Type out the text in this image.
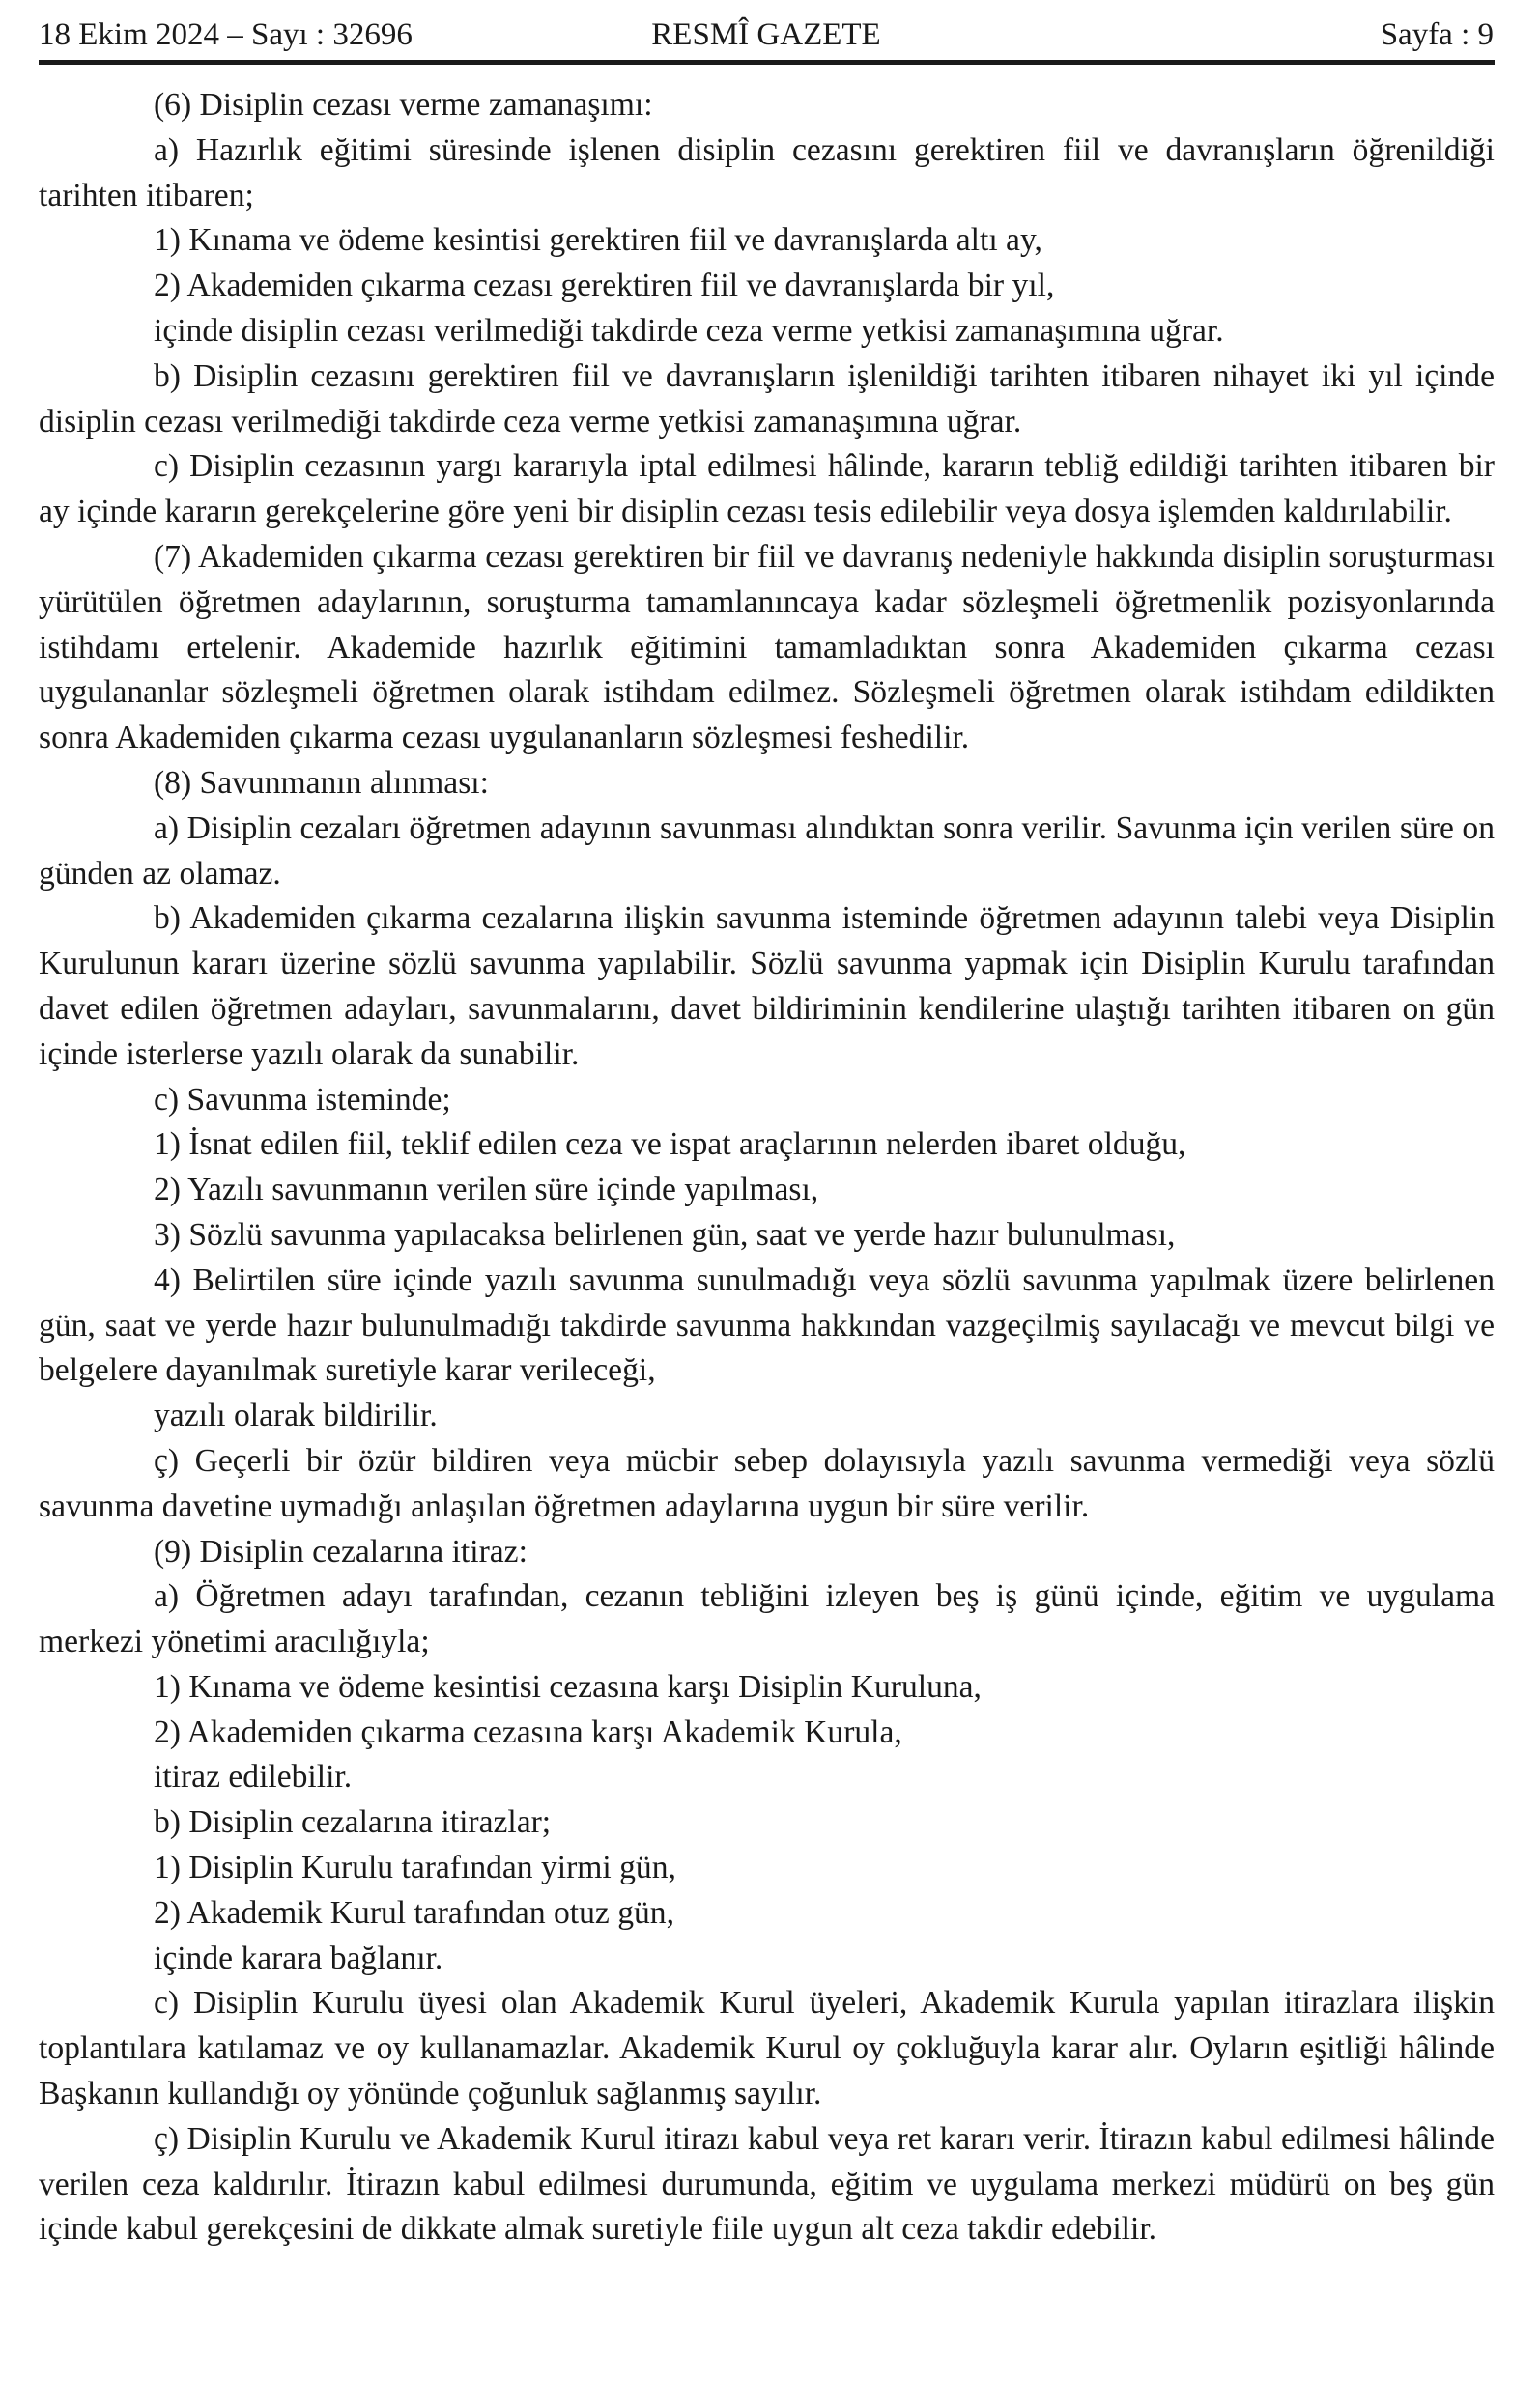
18 Ekim 2024 – Sayı : 32696	RESMÎ GAZETE	Sayfa : 9

(6) Disiplin cezası verme zamanaşımı:

a) Hazırlık eğitimi süresinde işlenen disiplin cezasını gerektiren fiil ve davranışların öğrenildiği tarihten itibaren;

1) Kınama ve ödeme kesintisi gerektiren fiil ve davranışlarda altı ay,

2) Akademiden çıkarma cezası gerektiren fiil ve davranışlarda bir yıl,

içinde disiplin cezası verilmediği takdirde ceza verme yetkisi zamanaşımına uğrar.

b) Disiplin cezasını gerektiren fiil ve davranışların işlenildiği tarihten itibaren nihayet iki yıl içinde disiplin cezası verilmediği takdirde ceza verme yetkisi zamanaşımına uğrar.

c) Disiplin cezasının yargı kararıyla iptal edilmesi hâlinde, kararın tebliğ edildiği tarihten itibaren bir ay içinde kararın gerekçelerine göre yeni bir disiplin cezası tesis edilebilir veya dosya işlemden kaldırılabilir.

(7) Akademiden çıkarma cezası gerektiren bir fiil ve davranış nedeniyle hakkında disiplin soruşturması yürütülen öğretmen adaylarının, soruşturma tamamlanıncaya kadar sözleşmeli öğretmenlik pozisyonlarında istihdamı ertelenir. Akademide hazırlık eğitimini tamamladıktan sonra Akademiden çıkarma cezası uygulananlar sözleşmeli öğretmen olarak istihdam edilmez. Sözleşmeli öğretmen olarak istihdam edildikten sonra Akademiden çıkarma cezası uygulananların sözleşmesi feshedilir.

(8) Savunmanın alınması:

a) Disiplin cezaları öğretmen adayının savunması alındıktan sonra verilir. Savunma için verilen süre on günden az olamaz.

b) Akademiden çıkarma cezalarına ilişkin savunma isteminde öğretmen adayının talebi veya Disiplin Kurulunun kararı üzerine sözlü savunma yapılabilir. Sözlü savunma yapmak için Disiplin Kurulu tarafından davet edilen öğretmen adayları, savunmalarını, davet bildiriminin kendilerine ulaştığı tarihten itibaren on gün içinde isterlerse yazılı olarak da sunabilir.

c) Savunma isteminde;

1) İsnat edilen fiil, teklif edilen ceza ve ispat araçlarının nelerden ibaret olduğu,

2) Yazılı savunmanın verilen süre içinde yapılması,

3) Sözlü savunma yapılacaksa belirlenen gün, saat ve yerde hazır bulunulması,

4) Belirtilen süre içinde yazılı savunma sunulmadığı veya sözlü savunma yapılmak üzere belirlenen gün, saat ve yerde hazır bulunulmadığı takdirde savunma hakkından vazgeçilmiş sayılacağı ve mevcut bilgi ve belgelere dayanılmak suretiyle karar verileceği,

yazılı olarak bildirilir.

ç) Geçerli bir özür bildiren veya mücbir sebep dolayısıyla yazılı savunma vermediği veya sözlü savunma davetine uymadığı anlaşılan öğretmen adaylarına uygun bir süre verilir.

(9) Disiplin cezalarına itiraz:

a) Öğretmen adayı tarafından, cezanın tebliğini izleyen beş iş günü içinde, eğitim ve uygulama merkezi yönetimi aracılığıyla;

1) Kınama ve ödeme kesintisi cezasına karşı Disiplin Kuruluna,

2) Akademiden çıkarma cezasına karşı Akademik Kurula,

itiraz edilebilir.

b) Disiplin cezalarına itirazlar;

1) Disiplin Kurulu tarafından yirmi gün,

2) Akademik Kurul tarafından otuz gün,

içinde karara bağlanır.

c) Disiplin Kurulu üyesi olan Akademik Kurul üyeleri, Akademik Kurula yapılan itirazlara ilişkin toplantılara katılamaz ve oy kullanamazlar. Akademik Kurul oy çokluğuyla karar alır. Oyların eşitliği hâlinde Başkanın kullandığı oy yönünde çoğunluk sağlanmış sayılır.

ç) Disiplin Kurulu ve Akademik Kurul itirazı kabul veya ret kararı verir. İtirazın kabul edilmesi hâlinde verilen ceza kaldırılır. İtirazın kabul edilmesi durumunda, eğitim ve uygulama merkezi müdürü on beş gün içinde kabul gerekçesini de dikkate almak suretiyle fiile uygun alt ceza takdir edebilir.
